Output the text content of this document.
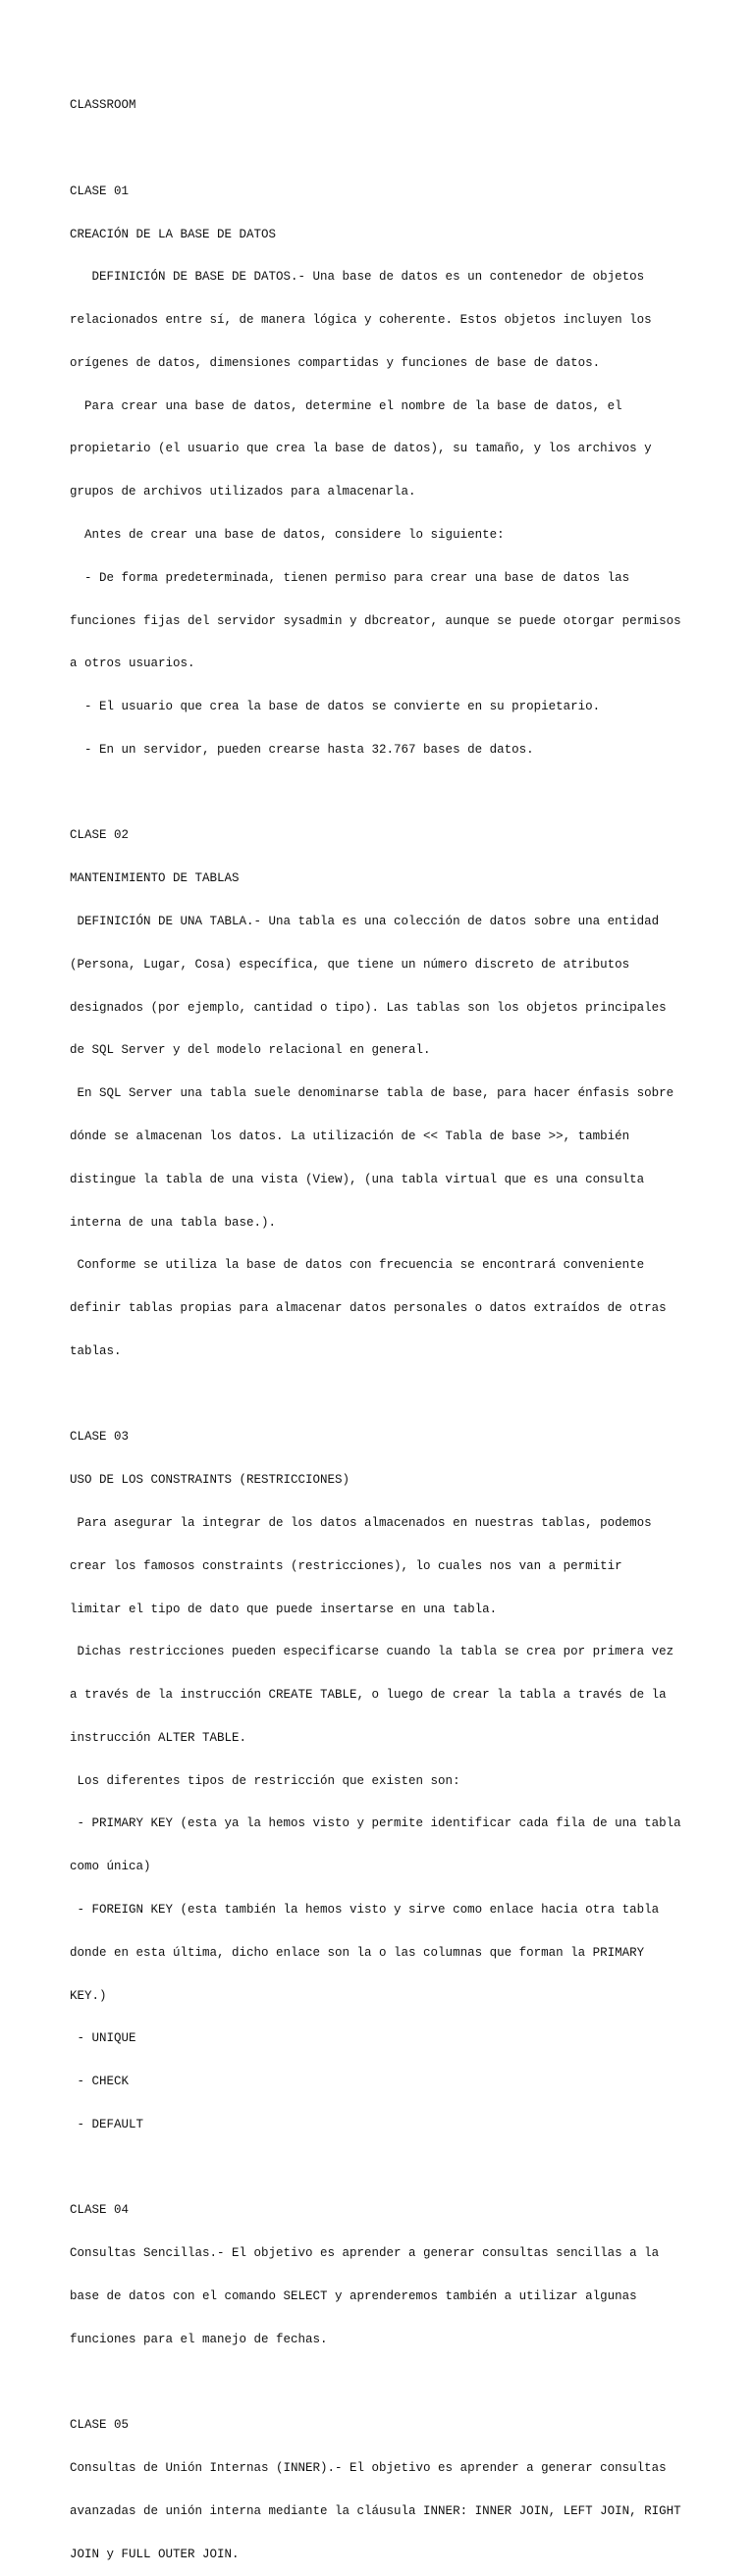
CLASSROOM

CLASE 01

CREACIÓN DE LA BASE DE DATOS

DEFINICIÓN DE BASE DE DATOS.- Una base de datos es un contenedor de objetos

relacionados entre sí, de manera lógica y coherente. Estos objetos incluyen los

orígenes de datos, dimensiones compartidas y funciones de base de datos.

Para crear una base de datos, determine el nombre de la base de datos, el

propietario (el usuario que crea la base de datos), su tamaño, y los archivos y

grupos de archivos utilizados para almacenarla.

Antes de crear una base de datos, considere lo siguiente:

- De forma predeterminada, tienen permiso para crear una base de datos las

funciones fijas del servidor sysadmin y dbcreator, aunque se puede otorgar permisos

a otros usuarios.

- El usuario que crea la base de datos se convierte en su propietario.

- En un servidor, pueden crearse hasta 32.767 bases de datos.

CLASE 02

MANTENIMIENTO DE TABLAS

DEFINICIÓN DE UNA TABLA.- Una tabla es una colección de datos sobre una entidad

(Persona, Lugar, Cosa) específica, que tiene un número discreto de atributos

designados (por ejemplo, cantidad o tipo). Las tablas son los objetos principales

de SQL Server y del modelo relacional en general.

En SQL Server una tabla suele denominarse tabla de base, para hacer énfasis sobre

dónde se almacenan los datos. La utilización de << Tabla de base >>, también

distingue la tabla de una vista (View), (una tabla virtual que es una consulta

interna de una tabla base.).

Conforme se utiliza la base de datos con frecuencia se encontrará conveniente

definir tablas propias para almacenar datos personales o datos extraídos de otras

tablas.

CLASE 03

USO DE LOS CONSTRAINTS (RESTRICCIONES)

Para asegurar la integrar de los datos almacenados en nuestras tablas, podemos

crear los famosos constraints (restricciones), lo cuales nos van a permitir

limitar el tipo de dato que puede insertarse en una tabla.

Dichas restricciones pueden especificarse cuando la tabla se crea por primera vez

a través de la instrucción CREATE TABLE, o luego de crear la tabla a través de la

instrucción ALTER TABLE.

Los diferentes tipos de restricción que existen son:

- PRIMARY KEY (esta ya la hemos visto y permite identificar cada fila de una tabla

como única)

- FOREIGN KEY (esta también la hemos visto y sirve como enlace hacia otra tabla

donde en esta última, dicho enlace son la o las columnas que forman la PRIMARY

KEY.)

- UNIQUE

- CHECK

- DEFAULT

CLASE 04

Consultas Sencillas.- El objetivo es aprender a generar consultas sencillas a la

base de datos con el comando SELECT y aprenderemos también a utilizar algunas

funciones para el manejo de fechas.

CLASE 05

Consultas de Unión Internas (INNER).- El objetivo es aprender a generar consultas

avanzadas de unión interna mediante la cláusula INNER: INNER JOIN, LEFT JOIN, RIGHT

JOIN y FULL OUTER JOIN.
